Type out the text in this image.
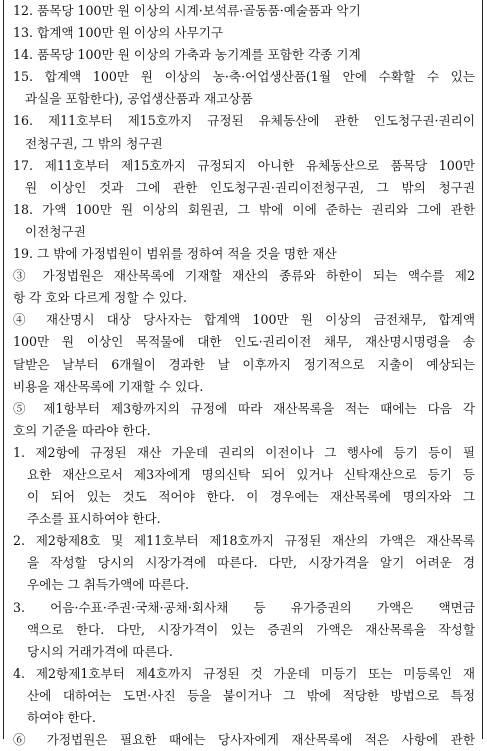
12. 품목당 100만 원 이상의 시계·보석류·골동품·예술품과 악기
13. 합계액 100만 원 이상의 사무기구
14. 품목당 100만 원 이상의 가축과 농기계를 포함한 각종 기계
15. 합계액 100만 원 이상의 농·축·어업생산품(1월 안에 수확할 수 있는
과실을 포함한다), 공업생산품과 재고상품
16. 제11호부터 제15호까지 규정된 유체동산에 관한 인도청구권·권리이
전청구권, 그 밖의 청구권
17. 제11호부터 제15호까지 규정되지 아니한 유체동산으로 품목당 100만
원 이상인 것과 그에 관한 인도청구권·권리이전청구권, 그 밖의 청구권
18. 가액 100만 원 이상의 회원권, 그 밖에 이에 준하는 권리와 그에 관한
이전청구권
19. 그 밖에 가정법원이 범위를 정하여 적을 것을 명한 재산
③ 가정법원은 재산목록에 기재할 재산의 종류와 하한이 되는 액수를 제2
항 각 호와 다르게 정할 수 있다.
④ 재산명시 대상 당사자는 합계액 100만 원 이상의 금전채무, 합계액
100만 원 이상인 목적물에 대한 인도·권리이전 채무, 재산명시명령을 송
달받은 날부터 6개월이 경과한 날 이후까지 정기적으로 지출이 예상되는
비용을 재산목록에 기재할 수 있다.
⑤ 제1항부터 제3항까지의 규정에 따라 재산목록을 적는 때에는 다음 각
호의 기준을 따라야 한다.
1. 제2항에 규정된 재산 가운데 권리의 이전이나 그 행사에 등기 등이 필
요한 재산으로서 제3자에게 명의신탁 되어 있거나 신탁재산으로 등기 등
이 되어 있는 것도 적어야 한다. 이 경우에는 재산목록에 명의자와 그
주소를 표시하여야 한다.
2. 제2항제8호 및 제11호부터 제18호까지 규정된 재산의 가액은 재산목록
을 작성할 당시의 시장가격에 따른다. 다만, 시장가격을 알기 어려운 경
우에는 그 취득가액에 따른다.
3. 어음·수표·주권·국채·공채·회사채 등 유가증권의 가액은 액면금
액으로 한다. 다만, 시장가격이 있는 증권의 가액은 재산목록을 작성할
당시의 거래가격에 따른다.
4. 제2항제1호부터 제4호까지 규정된 것 가운데 미등기 또는 미등록인 재
산에 대하여는 도면·사진 등을 붙이거나 그 밖에 적당한 방법으로 특정
하여야 한다.
⑥ 가정법원은 필요한 때에는 당사자에게 재산목록에 적은 사항에 관한
